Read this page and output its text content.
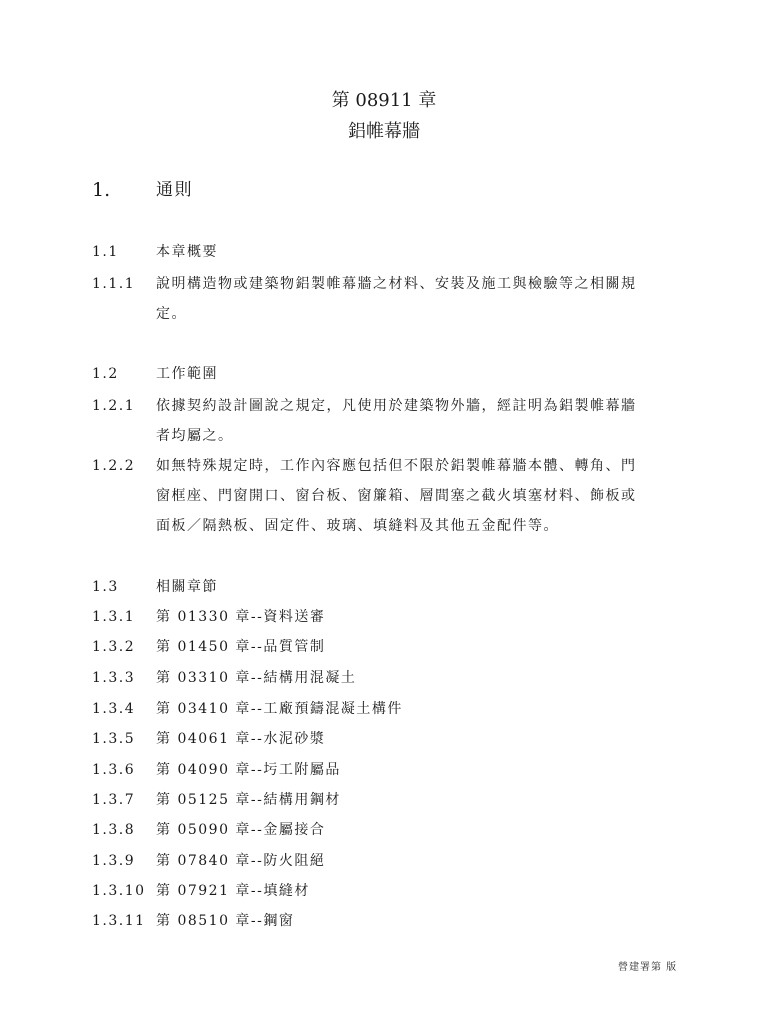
第 08911 章
鋁帷幕牆
1.	通則
1.1	本章概要
1.1.1 說明構造物或建築物鋁製帷幕牆之材料、安裝及施工與檢驗等之相關規
定。
1.2	工作範圍
1.2.1 依據契約設計圖說之規定，凡使用於建築物外牆，經註明為鋁製帷幕牆
者均屬之。
1.2.2 如無特殊規定時，工作內容應包括但不限於鋁製帷幕牆本體、轉角、門
窗框座、門窗開口、窗台板、窗簾箱、層間塞之截火填塞材料、飾板或
面板／隔熱板、固定件、玻璃、填縫料及其他五金配件等。
1.3	相關章節
1.3.1 第 01330 章--資料送審
1.3.2 第 01450 章--品質管制
1.3.3 第 03310 章--結構用混凝土
1.3.4 第 03410 章--工廠預鑄混凝土構件
1.3.5 第 04061 章--水泥砂漿
1.3.6 第 04090 章--圬工附屬品
1.3.7 第 05125 章--結構用鋼材
1.3.8 第 05090 章--金屬接合
1.3.9 第 07840 章--防火阻絕
1.3.10 第 07921 章--填縫材
1.3.11 第 08510 章--鋼窗
營建署第 版
